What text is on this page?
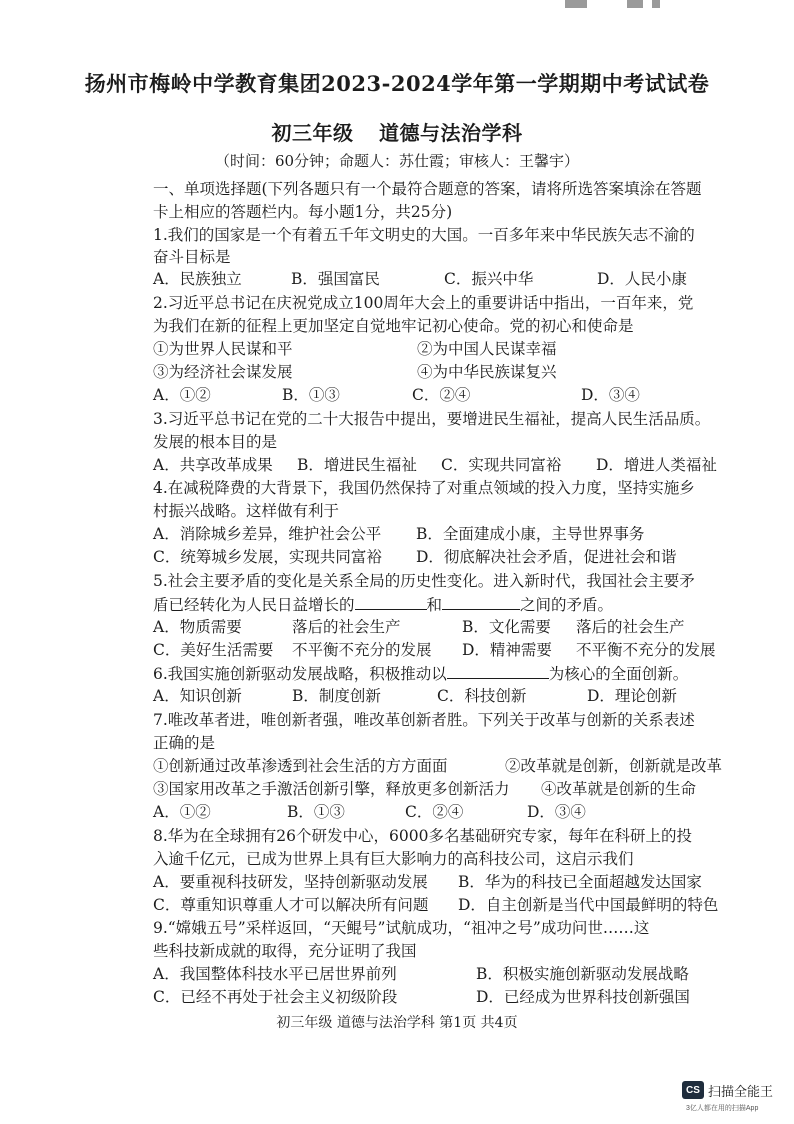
扬州市梅岭中学教育集团2023-2024学年第一学期期中考试试卷
初三年级 道德与法治学科
（时间：60分钟；命题人：苏仕霞；审核人：王馨宇）
一、单项选择题(下列各题只有一个最符合题意的答案，请将所选答案填涂在答题
卡上相应的答题栏内。每小题1分，共25分)
1.我们的国家是一个有着五千年文明史的大国。一百多年来中华民族矢志不渝的
奋斗目标是
A．民族独立	B．强国富民	C．振兴中华	D．人民小康
2.习近平总书记在庆祝党成立100周年大会上的重要讲话中指出，一百年来，党
为我们在新的征程上更加坚定自觉地牢记初心使命。党的初心和使命是
①为世界人民谋和平	②为中国人民谋幸福
③为经济社会谋发展	④为中华民族谋复兴
A．①②	B．①③	C．②④	D．③④
3.习近平总书记在党的二十大报告中提出，要增进民生福祉，提高人民生活品质。
发展的根本目的是
A．共享改革成果 B．增进民生福祉 C．实现共同富裕 D．增进人类福祉
4.在减税降费的大背景下，我国仍然保持了对重点领域的投入力度，坚持实施乡
村振兴战略。这样做有利于
A．消除城乡差异，维护社会公平 B．全面建成小康，主导世界事务
C．统筹城乡发展，实现共同富裕 D．彻底解决社会矛盾，促进社会和谐
5.社会主要矛盾的变化是关系全局的历史性变化。进入新时代，我国社会主要矛
盾已经转化为人民日益增长的	和	之间的矛盾。
A．物质需要	落后的社会生产	B．文化需要 落后的社会生产
C．美好生活需要 不平衡不充分的发展 D．精神需要 不平衡不充分的发展
6.我国实施创新驱动发展战略，积极推动以	为核心的全面创新。
A．知识创新	B．制度创新	C．科技创新	D．理论创新
7.唯改革者进，唯创新者强，唯改革创新者胜。下列关于改革与创新的关系表述
正确的是
①创新通过改革渗透到社会生活的方方面面	②改革就是创新，创新就是改革
③国家用改革之手激活创新引擎，释放更多创新活力 ④改革就是创新的生命
A．①②	B．①③	C．②④	D．③④
8.华为在全球拥有26个研发中心，6000多名基础研究专家，每年在科研上的投
入逾千亿元，已成为世界上具有巨大影响力的高科技公司，这启示我们
A．要重视科技研发，坚持创新驱动发展 B．华为的科技已全面超越发达国家
C．尊重知识尊重人才可以解决所有问题 D．自主创新是当代中国最鲜明的特色
9.“嫦娥五号”采样返回，“天鲲号”试航成功，“祖冲之号”成功问世……这
些科技新成就的取得，充分证明了我国
A．我国整体科技水平已居世界前列	B．积极实施创新驱动发展战略
C．已经不再处于社会主义初级阶段	D．已经成为世界科技创新强国
初三年级 道德与法治学科 第1页 共4页
CS 扫描全能王
3亿人都在用的扫描App
